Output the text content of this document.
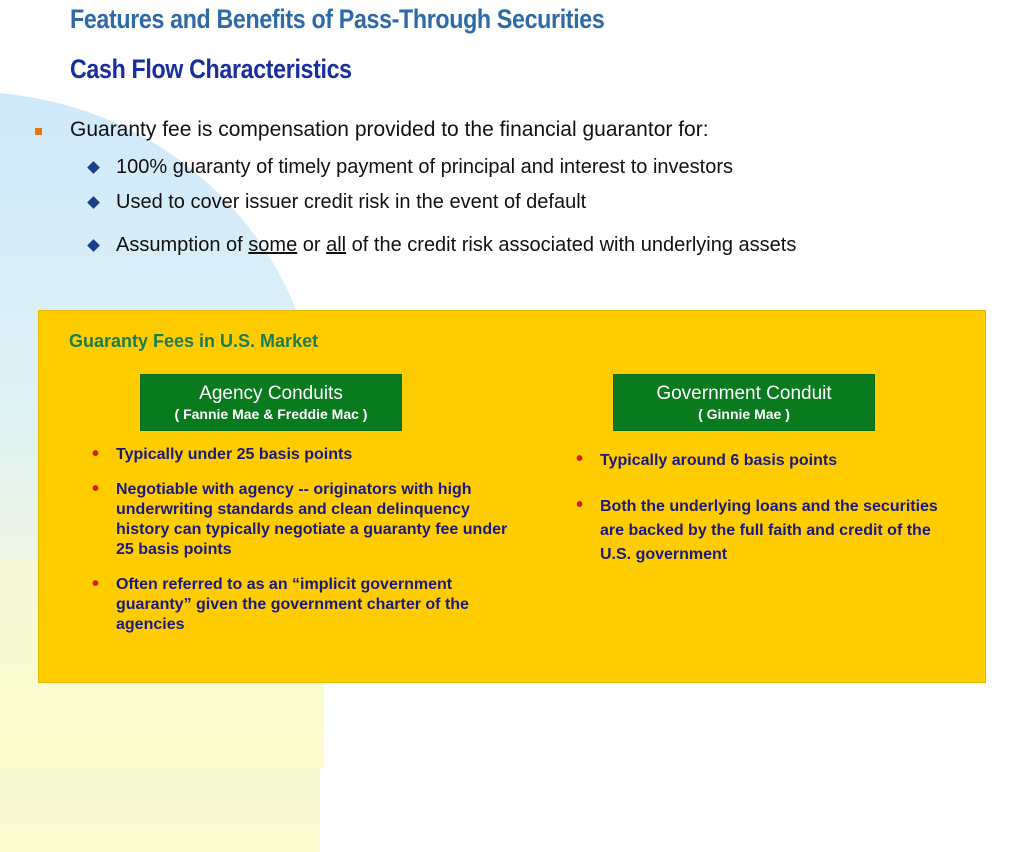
Features and Benefits of Pass-Through Securities
Cash Flow Characteristics
Guaranty fee is compensation provided to the financial guarantor for:
100% guaranty of timely payment of principal and interest to investors
Used to cover issuer credit risk in the event of default
Assumption of some or all of the credit risk associated with underlying assets
Guaranty Fees in U.S. Market
Agency Conduits
( Fannie Mae & Freddie Mac )
Government Conduit
( Ginnie Mae )
• Typically under 25 basis points
• Negotiable with agency -- originators with high underwriting standards and clean delinquency history can typically negotiate a guaranty fee under 25 basis points
• Often referred to as an “implicit government guaranty” given the government charter of the agencies
• Typically around 6 basis points
• Both the underlying loans and the securities are backed by the full faith and credit of the U.S. government
